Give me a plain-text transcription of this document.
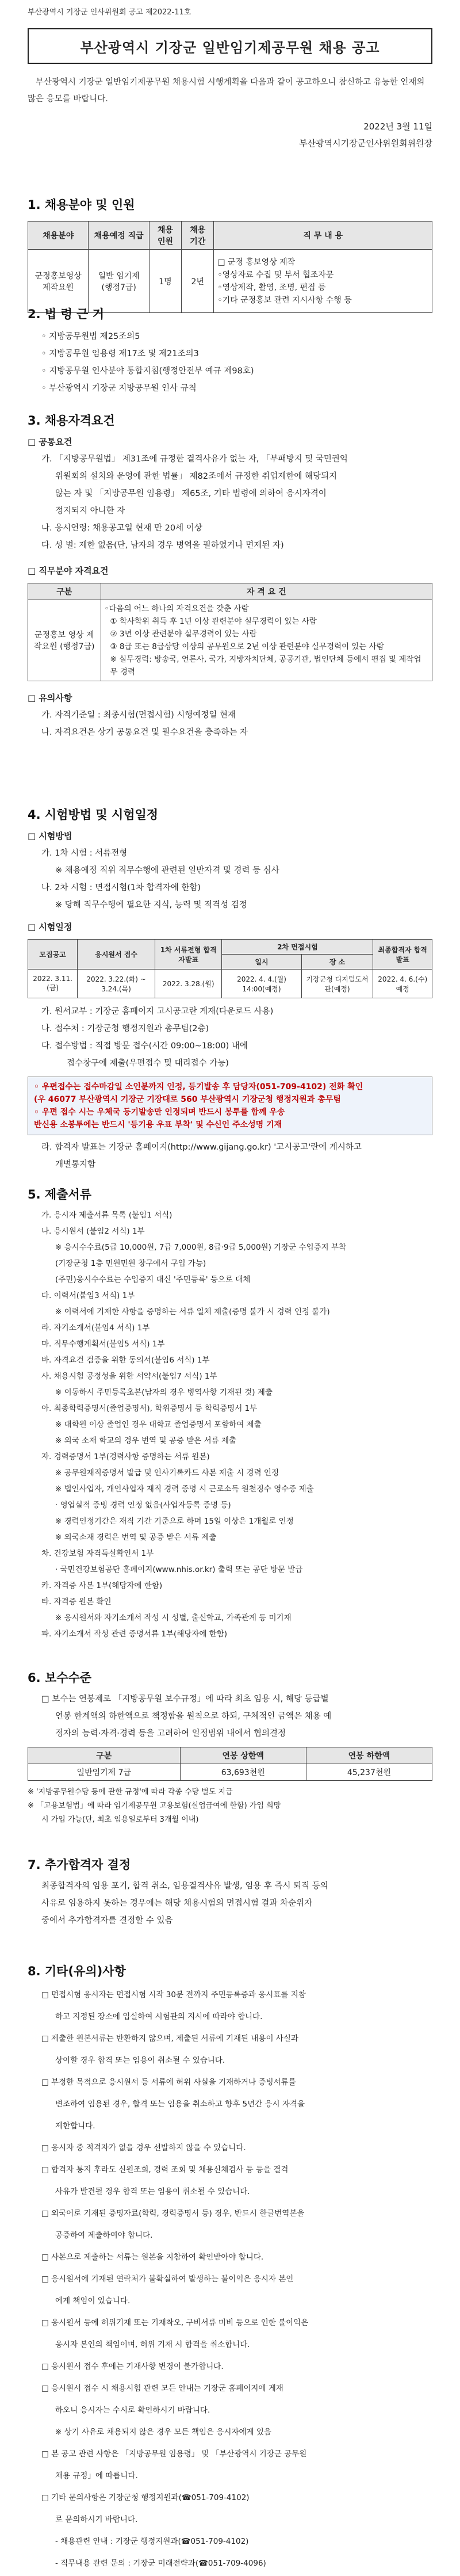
부산광역시 기장군 인사위원회 공고 제2022-11호
부산광역시 기장군 일반임기제공무원 채용 공고
부산광역시 기장군 일반임기제공무원 채용시험 시행계획을 다음과 같이 공고하오니 참신하고 유능한 인재의 많은 응모를 바랍니다.
2022년 3월 11일
부산광역시기장군인사위원회위원장
1. 채용분야 및 인원
채용분야	채용예정 직급	채용 인원	채용 기간	직 무 내 용
군정홍보영상 제작요원	일반 임기제 (행정7급)	1명	2년	□ 군정 홍보영상 제작
◦영상자료 수집 및 부서 협조자문
◦영상제작, 촬영, 조명, 편집 등
◦기타 군정홍보 관련 지시사항 수행 등
2. 법 령 근 거
◦ 지방공무원법 제25조의5
◦ 지방공무원 임용령 제17조 및 제21조의3
◦ 지방공무원 인사분야 통합지침(행정안전부 예규 제98호)
◦ 부산광역시 기장군 지방공무원 인사 규칙
3. 채용자격요건
□ 공통요건
가. 「지방공무원법」 제31조에 규정한 결격사유가 없는 자, 「부패방지 및 국민권익
위원회의 설치와 운영에 관한 법률」 제82조에서 규정한 취업제한에 해당되지
않는 자 및 「지방공무원 임용령」 제65조, 기타 법령에 의하여 응시자격이
정지되지 아니한 자
나. 응시연령: 채용공고일 현재 만 20세 이상
다. 성 별: 제한 없음(단, 남자의 경우 병역을 필하였거나 면제된 자)
□ 직무분야 자격요건
구분	자 격 요 건
군정홍보 영상 제작요원 (행정7급)	◦다음의 어느 하나의 자격요건을 갖춘 사람
① 학사학위 취득 후 1년 이상 관련분야 실무경력이 있는 사람
② 3년 이상 관련분야 실무경력이 있는 사람
③ 8급 또는 8급상당 이상의 공무원으로 2년 이상 관련분야 실무경력이 있는 사람
※ 실무경력: 방송국, 언론사, 국가, 지방자치단체, 공공기관, 법인단체 등에서 편집 및 제작업무 경력
□ 유의사항
가. 자격기준일 : 최종시험(면접시험) 시행예정일 현재
나. 자격요건은 상기 공통요건 및 필수요건을 충족하는 자
4. 시험방법 및 시험일정
□ 시험방법
가. 1차 시험 : 서류전형
※ 채용예정 직위 직무수행에 관련된 일반자격 및 경력 등 심사
나. 2차 시험 : 면접시험(1차 합격자에 한함)
※ 당해 직무수행에 필요한 지식, 능력 및 적격성 검정
□ 시험일정
모집공고	응시원서 접수	1차 서류전형 합격자발표	2차 면접시험		최종합격자 합격발표
			일시	장 소	
2022. 3.11.(금)	2022. 3.22.(화) ~ 3.24.(목)	2022. 3.28.(월)	2022. 4. 4.(월) 14:00(예정)	기장군청 디지털도서관(예정)	2022. 4. 6.(수) 예정
가. 원서교부 : 기장군 홈페이지 고시공고란 게재(다운로드 사용)
나. 접수처 : 기장군청 행정지원과 총무팀(2층)
다. 접수방법 : 직접 방문 접수(시간 09:00~18:00) 내에
접수창구에 제출(우편접수 및 대리접수 가능)
◦ 우편접수는 접수마감일 소인분까지 인정, 등기발송 후 담당자(051-709-4102) 전화 확인
(우 46077 부산광역시 기장군 기장대로 560 부산광역시 기장군청 행정지원과 총무팀
◦ 우편 접수 시는 우체국 등기발송만 인정되며 반드시 봉투를 함께 우송
반신용 소봉투에는 반드시 '등기용 우표 부착' 및 수신인 주소성명 기재
라. 합격자 발표는 기장군 홈페이지(http://www.gijang.go.kr) '고시공고'란에 게시하고
개별통지함
5. 제출서류
가. 응시자 제출서류 목록 (붙임1 서식)
나. 응시원서 (붙임2 서식) 1부
※ 응시수수료(5급 10,000원, 7급 7,000원, 8급·9급 5,000원) 기장군 수입증지 부착
(기장군청 1층 민원민원 창구에서 구입 가능)
(주민)응시수수료는 수입증지 대신 '주민등록' 등으로 대체
다. 이력서(붙임3 서식) 1부
※ 이력서에 기재한 사항을 증명하는 서류 일체 제출(증명 불가 시 경력 인정 불가)
라. 자기소개서(붙임4 서식) 1부
마. 직무수행계획서(붙임5 서식) 1부
바. 자격요건 검증을 위한 동의서(붙임6 서식) 1부
사. 채용시험 공정성을 위한 서약서(붙임7 서식) 1부
※ 이동하시 주민등록초본(남자의 경우 병역사항 기재된 것) 제출
아. 최종학력증명서(졸업증명서), 학위증명서 등 학력증명서 1부
※ 대학원 이상 졸업인 경우 대학교 졸업증명서 포함하여 제출
※ 외국 소재 학교의 경우 번역 및 공증 받은 서류 제출
자. 경력증명서 1부(경력사항 증명하는 서류 원본)
※ 공무원재직증명서 발급 및 인사기록카드 사본 제출 시 경력 인정
※ 법인사업자, 개인사업자 재직 경력 증명 시 근로소득 원천징수 영수증 제출
· 영업실적 증빙 경력 인정 없음(사업자등록 증명 등)
※ 경력인정기간은 재직 기간 기준으로 하며 15일 이상은 1개월로 인정
※ 외국소재 경력은 번역 및 공증 받은 서류 제출
차. 건강보험 자격득실확인서 1부
· 국민건강보험공단 홈페이지(www.nhis.or.kr) 출력 또는 공단 방문 발급
카. 자격증 사본 1부(해당자에 한함)
타. 자격증 원본 확인
※ 응시원서와 자기소개서 작성 시 성별, 출신학교, 가족관계 등 미기재
파. 자기소개서 작성 관련 증명서류 1부(해당자에 한함)
6. 보수수준
□ 보수는 연봉제로 「지방공무원 보수규정」에 따라 최초 임용 시, 해당 등급별
연봉 한계액의 하한액으로 책정함을 원칙으로 하되, 구체적인 금액은 채용 예
정자의 능력·자격·경력 등을 고려하여 일정범위 내에서 협의결정
구분	연봉 상한액	연봉 하한액
일반임기제 7급	63,693천원	45,237천원
※ '지방공무원수당 등에 관한 규정'에 따라 각종 수당 별도 지급
※ 「고용보험법」에 따라 임기제공무원 고용보험(실업급여에 한함) 가입 희망
시 가입 가능(단, 최초 임용일로부터 3개월 이내)
7. 추가합격자 결정
최종합격자의 임용 포기, 합격 취소, 임용결격사유 발생, 임용 후 즉시 퇴직 등의
사유로 임용하지 못하는 경우에는 해당 채용시험의 면접시험 결과 차순위자
중에서 추가합격자를 결정할 수 있음
8. 기타(유의)사항
□ 면접시험 응시자는 면접시험 시작 30분 전까지 주민등록증과 응시표를 지참
하고 지정된 장소에 입실하여 시험관의 지시에 따라야 합니다.
□ 제출한 원본서류는 반환하지 않으며, 제출된 서류에 기재된 내용이 사실과
상이할 경우 합격 또는 임용이 취소될 수 있습니다.
□ 부정한 목적으로 응시원서 등 서류에 허위 사실을 기재하거나 증빙서류를
변조하여 임용된 경우, 합격 또는 임용을 취소하고 향후 5년간 응시 자격을
제한합니다.
□ 응시자 중 적격자가 없을 경우 선발하지 않을 수 있습니다.
□ 합격자 통지 후라도 신원조회, 경력 조회 및 채용신체검사 등 등을 결격
사유가 발견될 경우 합격 또는 임용이 취소될 수 있습니다.
□ 외국어로 기재된 증명자료(학력, 경력증명서 등) 경우, 반드시 한글번역본을
공증하여 제출하여야 합니다.
□ 사본으로 제출하는 서류는 원본을 지참하여 확인받아야 합니다.
□ 응시원서에 기재된 연락처가 불확실하여 발생하는 불이익은 응시자 본인
에게 책임이 있습니다.
□ 응시원서 등에 허위기재 또는 기재착오, 구비서류 미비 등으로 인한 불이익은
응시자 본인의 책임이며, 허위 기재 시 합격을 취소합니다.
□ 응시원서 접수 후에는 기재사항 변경이 불가합니다.
□ 응시원서 접수 시 채용시험 관련 모든 안내는 기장군 홈페이지에 게재
하오니 응시자는 수시로 확인하시기 바랍니다.
※ 상기 사유로 채용되지 않은 경우 모든 책임은 응시자에게 있음
□ 본 공고 관련 사항은 「지방공무원 임용령」 및 「부산광역시 기장군 공무원
채용 규정」에 따릅니다.
□ 기타 문의사항은 기장군청 행정지원과(☎051-709-4102)
로 문의하시기 바랍니다.
- 채용관련 안내 : 기장군 행정지원과(☎051-709-4102)
- 직무내용 관련 문의 : 기장군 미래전략과(☎051-709-4096)
